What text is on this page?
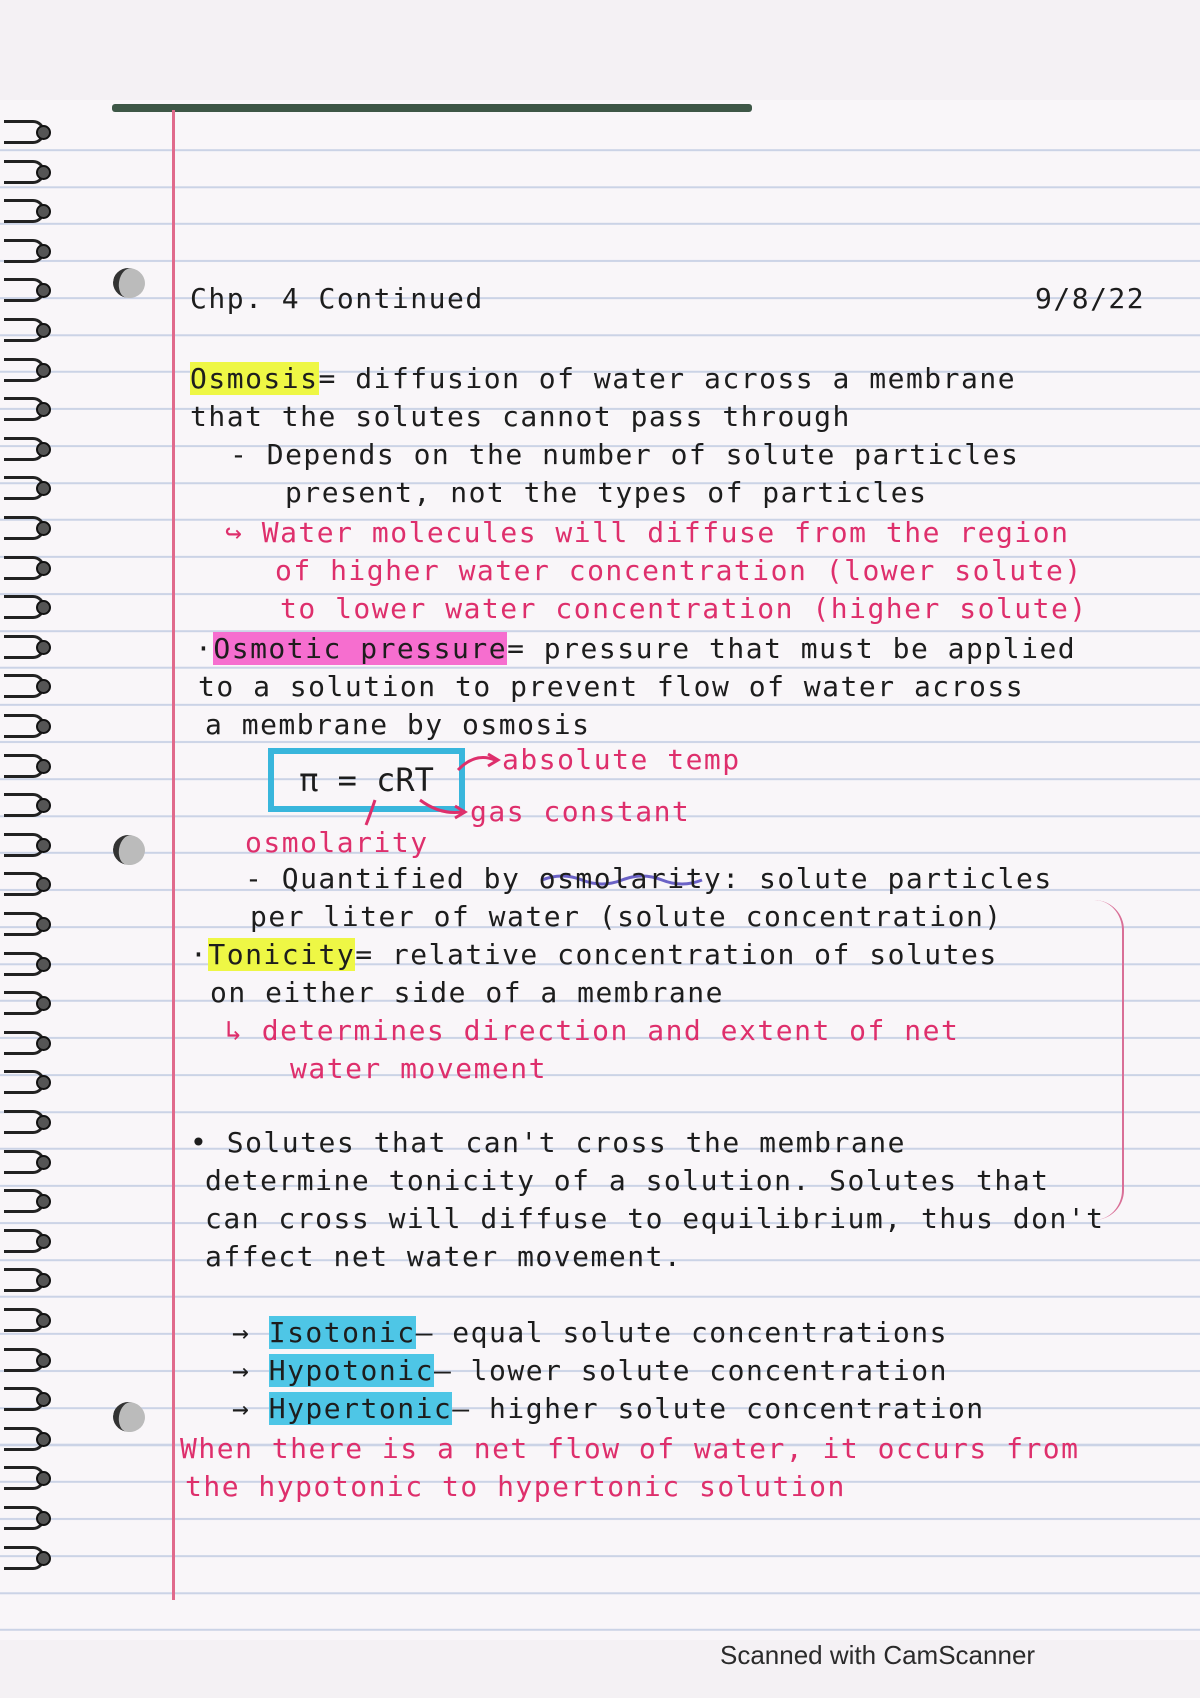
Chp. 4 Continued	9/8/22
Osmosis= diffusion of water across a membrane
that the solutes cannot pass through
- Depends on the number of solute particles
present, not the types of particles
↪ Water molecules will diffuse from the region
of higher water concentration (lower solute)
to lower water concentration (higher solute)
·Osmotic pressure= pressure that must be applied
to a solution to prevent flow of water across
a membrane by osmosis
π = cRT
absolute temp
gas constant
osmolarity
- Quantified by osmolarity: solute particles
per liter of water (solute concentration)
·Tonicity= relative concentration of solutes
on either side of a membrane
↳ determines direction and extent of net
water movement
• Solutes that can't cross the membrane
determine tonicity of a solution. Solutes that
can cross will diffuse to equilibrium, thus don't
affect net water movement.
→ Isotonic— equal solute concentrations
→ Hypotonic— lower solute concentration
→ Hypertonic— higher solute concentration
When there is a net flow of water, it occurs from
the hypotonic to hypertonic solution
Scanned with CamScanner
